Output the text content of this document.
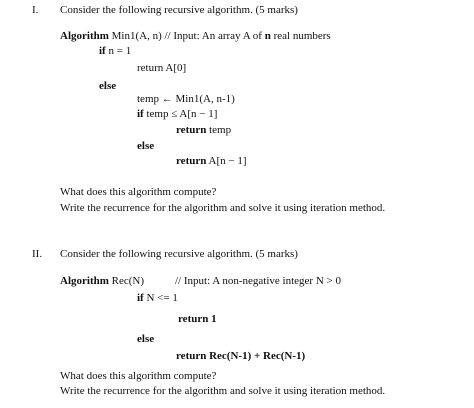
I. Consider the following recursive algorithm. (5 marks)
Algorithm Min1(A, n) // Input: An array A of n real numbers
if n = 1
return A[0]
else
temp ← Min1(A, n-1)
if temp ≤ A[n − 1]
return temp
else
return A[n − 1]
What does this algorithm compute?
Write the recurrence for the algorithm and solve it using iteration method.
II. Consider the following recursive algorithm. (5 marks)
Algorithm Rec(N)	// Input: A non-negative integer N > 0
if N <= 1
return 1
else
return Rec(N-1) + Rec(N-1)
What does this algorithm compute?
Write the recurrence for the algorithm and solve it using iteration method.
